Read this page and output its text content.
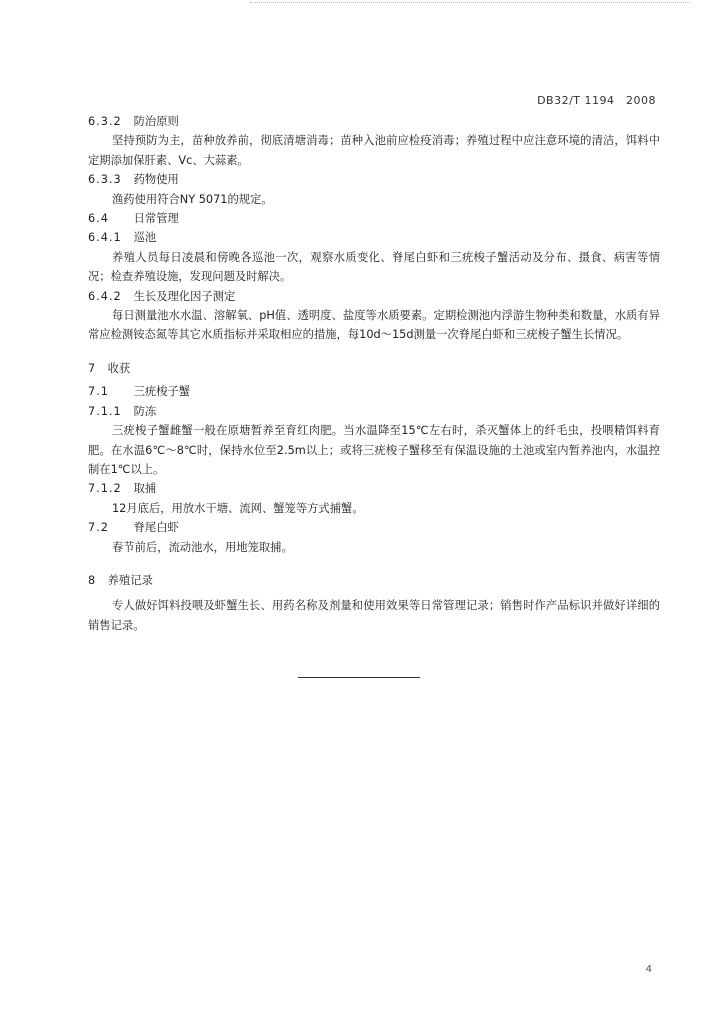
DB32/T 1194 2008
6.3.2 防治原则

坚持预防为主，苗种放养前，彻底清塘消毒；苗种入池前应检疫消毒；养殖过程中应注意环境的清洁，饵料中定期添加保肝素、Vc、大蒜素。

6.3.3 药物使用

渔药使用符合NY 5071的规定。

6.4 日常管理
6.4.1 巡池

养殖人员每日凌晨和傍晚各巡池一次，观察水质变化、脊尾白虾和三疣梭子蟹活动及分布、摄食、病害等情况；检查养殖设施，发现问题及时解决。

6.4.2 生长及理化因子测定

每日测量池水水温、溶解氧、pH值、透明度、盐度等水质要素。定期检测池内浮游生物种类和数量，水质有异常应检测铵态氮等其它水质指标并采取相应的措施，每10d～15d测量一次脊尾白虾和三疣梭子蟹生长情况。

7 收获
7.1 三疣梭子蟹
7.1.1 防冻

三疣梭子蟹雌蟹一般在原塘暂养至育红肉肥。当水温降至15℃左右时，杀灭蟹体上的纤毛虫，投喂精饵料育肥。在水温6℃～8℃时，保持水位至2.5m以上；或将三疣梭子蟹移至有保温设施的土池或室内暂养池内，水温控制在1℃以上。

7.1.2 取捕

12月底后，用放水干塘、流网、蟹笼等方式捕蟹。

7.2 脊尾白虾

春节前后，流动池水，用地笼取捕。

8 养殖记录

专人做好饵料投喂及虾蟹生长、用药名称及剂量和使用效果等日常管理记录；销售时作产品标识并做好详细的销售记录。

4
